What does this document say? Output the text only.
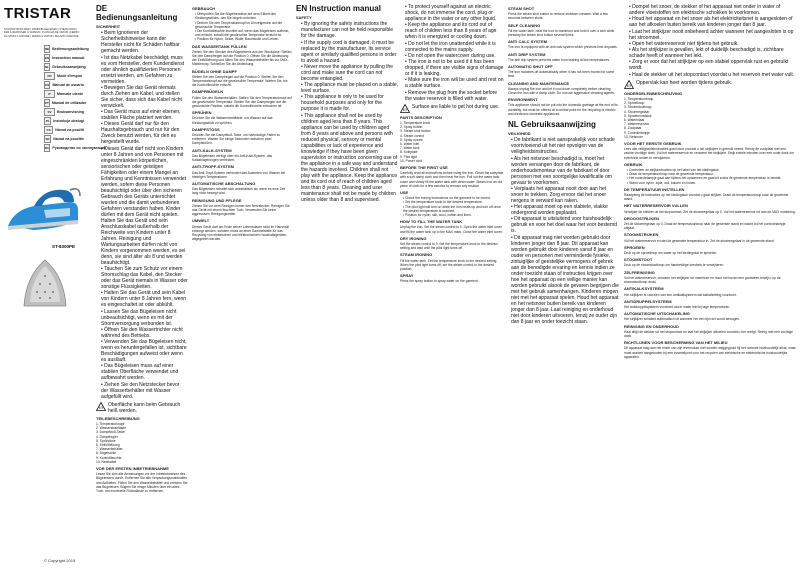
TRISTAR
STOOMSTRIJKIJZER | DAMPFBÜGELEISEN | STEAM IRON | FER À REPASSER À VAPEUR | PLANCHA DE VAPOR | FERRO DA STIRO A VAPORE | FERRO A VAPOR | ŻELAZKO PAROWE
DE Bedienungsanleitung
EN Instruction manual
NL Gebruiksaanwijzing
FR	Mode d'emploi
ES Manual de usuario
IT	Manuale utente
PT Manual de utilizador
SV	Bruksanvisning
PL	Instrukcja obsługi
CS	Návod na použití
SK Návod na použitie
RU Руководство по эксплуатации
ST-8300PE
© Copyright 2019
DE Bedienungsanleitung
SICHERHEIT
• Beim Ignorieren der Sicherheitshinweise kann der Hersteller nicht für Schäden haftbar gemacht werden.
• Ist das Netzkabel beschädigt, muss es vom Hersteller, dem Kundendienst oder ähnlich qualifizierten Personen ersetzt werden, um Gefahren zu vermeiden.
• Bewegen Sie das Gerät niemals durch Ziehen am Kabel, und stellen Sie sicher, dass sich das Kabel nicht verwickelt.
• Das Gerät muss auf einer ebenen, stabilen Fläche platziert werden.
• Dieses Gerät darf nur für den Haushaltsgebrauch und nur für den Zweck benutzt werden, für den es hergestellt wurde.
• Dieses Gerät darf nicht von Kindern unter 8 Jahren und von Personen mit eingeschränkten körperlichen, sensorischen oder geistigen Fähigkeiten oder einem Mangel an Erfahrung und Kenntnissen verwendet werden, sofern diese Personen beaufsichtigt oder über den sicheren Gebrauch des Geräts unterrichtet wurden und die damit verbundenen Gefahren verstanden haben. Kinder dürfen mit dem Gerät nicht spielen. Halten Sie das Gerät und sein Anschlusskabel außerhalb der Reichweite von Kindern unter 8 Jahren. Reinigung und Wartungsarbeiten dürfen nicht von Kindern vorgenommen werden, es sei denn, sie sind älter als 8 und werden beaufsichtigt.
• Tauchen Sie zum Schutz vor einem Stromschlag das Kabel, den Stecker oder das Gerät niemals in Wasser oder sonstige Flüssigkeiten.
• Halten Sie das Gerät und sein Kabel von Kindern unter 8 Jahren fern, wenn es eingeschaltet ist oder abkühlt.
• Lassen Sie das Bügeleisen nicht unbeaufsichtigt, wenn es mit der Stromversorgung verbunden ist.
• Öffnen Sie den Wassertrichter nicht während des Betriebs.
• Verwenden Sie das Bügeleisen nicht, wenn es heruntergefallen ist, sichtbare Beschädigungen aufweist oder wenn es ausläuft.
• Das Bügeleisen muss auf einer stabilen Oberfläche verwendet und aufbewahrt werden.
• Ziehen Sie den Netzstecker bevor der Wasserbehälter mit Wasser aufgefüllt wird.
Oberfläche kann beim Gebrauch heiß werden.
TEILEBESCHREIBUNG
1. Temperaturknopf
2. Wasserstrahltaste
3. Dampfstoß-Taste
4. Dampfregler
5. Sprühdüse
6. Einfüllöffnung
7. Wasserbehälter
8. Bügelsohle
9. Kontrollleuchte
10. Netzkabel
VOR DER ERSTEN INBETRIEBNAHME

Lesen Sie sich alle Anweisungen vor der Inbetriebnahme des Bügeleisens durch. Entfernen Sie alle Verpackungsmaterialien und Aufkleber. Füllen Sie den Wasserbehälter und erhitzen Sie das Bügeleisen. Bügeln Sie einige Minuten über ein altes Tuch, um eventuelle Rückstände zu entfernen.

GEBRAUCH
• Überprüfen Sie die Bügelhinweise auf dem Etikett des Kleidungsstücks, das Sie bügeln möchten.
• Drehen Sie den Temperaturknopf im Uhrzeigersinn auf die gewünschte Temperatur.
• Die Kontrollleuchte leuchtet auf, wenn das Bügeleisen aufheizt, und erlischt, sobald die gewünschte Temperatur erreicht ist.
• Position für Nylon, Seide, Wolle, Baumwolle und Leinen.
DAS WASSERTANK FÜLLEN

Ziehen Sie den Stecker des Bügeleisens aus der Steckdose. Stellen Sie den Dampfregler auf die Position 0. Öffnen Sie die Abdeckung der Einfüllöffnung und füllen Sie den Wasserbehälter bis zur MAX-Markierung. Schließen Sie die Abdeckung.

BÜGELN OHNE DAMPF

Stellen Sie den Dampfregler auf die Position 0. Stellen Sie den Temperaturknopf auf die gewünschte Temperatur. Warten Sie, bis die Kontrollleuchte erlischt.

DAMPFBÜGELN

Füllen Sie den Wasserbehälter. Stellen Sie den Temperaturknopf auf die gewünschte Temperatur. Stellen Sie den Dampfregler auf die gewünschte Position, sobald die Kontrollleuchte erloschen ist.

SPRÜHEN

Drücken Sie die Wasserstrahltaste, um Wasser auf das Kleidungsstück zu sprühen.

DAMPFSTOSS

Drücken Sie die Dampfstoß-Taste, um hartnäckige Falten zu entfernen. Warten Sie einige Sekunden zwischen zwei Dampfstößen.

ANTI-KALK-SYSTEM

Das Bügeleisen verfügt über ein Anti-Kalk-System, das Kalkablagerungen verhindert.

ANTI-TROPF-SYSTEM

Das Anti-Tropf-System verhindert das Austreten von Wasser bei niedrigen Temperaturen.

AUTOMATISCHE ABSCHALTUNG

Das Bügeleisen schaltet sich automatisch ab, wenn es eine Zeit lang nicht bewegt wird.

REINIGUNG UND PFLEGE

Ziehen Sie vor dem Reinigen immer den Netzstecker. Reinigen Sie das Gerät mit einem feuchten Tuch. Verwenden Sie keine aggressiven Reinigungsmittel.

UMWELT

Dieses Gerät darf am Ende seiner Lebensdauer nicht im Hausmüll entsorgt werden, sondern muss an einer Sammelstelle für das Recycling von elektrischen und elektronischen Haushaltsgeräten abgegeben werden.

EN Instruction manual
SAFETY
• By ignoring the safety instructions the manufacturer can not be held responsible for the damage.
• If the supply cord is damaged, it must be replaced by the manufacturer, its service agent or similarly qualified persons in order to avoid a hazard.
• Never move the appliance by pulling the cord and make sure the cord can not become entangled.
• The appliance must be placed on a stable, level surface.
• This appliance is only to be used for household purposes and only for the purpose it is made for.
• This appliance shall not be used by children aged less than 8 years. This appliance can be used by children aged from 8 years and above and persons with reduced physical, sensory or mental capabilities or lack of experience and knowledge if they have been given supervision or instruction concerning use of the appliance in a safe way and understand the hazards involved. Children shall not play with the appliance. Keep the appliance and its cord out of reach of children aged less than 8 years. Cleaning and user maintenance shall not be made by children unless older than 8 and supervised.
• To protect yourself against an electric shock, do not immerse the cord, plug or appliance in the water or any other liquid.
• Keep the appliance and its cord out of reach of children less than 8 years of age when it is energized or cooling down.
• Do not let the iron unattended while it is connected to the mains supply.
• Do not open the watercover during use.
• The iron is not to be used if it has been dropped, if there are visible signs of damage or if it is leaking.
• Make sure the iron will be used and rest on a stable surface.
• Remove the plug from the socket before the water reservoir is filled with water.
Surface are liable to get hot during use.
PARTS DESCRIPTION
1. Temperature knob
2. Spray button
3. Steam shot button
4. Steam control
5. Spray nozzle
6. Water inlet
7. Water tank
8. Soleplate
9. Pilot light
10. Power cord
BEFORE THE FIRST USE

Carefully read all instructions before using the iron. Clean the soleplate with a soft damp cloth and then heat the iron. Pull out the water tank cover and slowly fill the water tank with clean water. Steam iron an old piece of cloth for a few minutes to remove any residue.

USE
• Check the ironing instructions on the garment to be ironed.
• Set the temperature knob to the desired temperature.
• The pilot light will turn on while the iron heats up and turn off once the desired temperature is reached.
• Position for nylon, silk, wool, cotton and linen.
HOW TO FILL THE WATER TANK

Unplug the iron. Set the steam control to 0. Open the water inlet cover and fill the water tank up to the MAX mark. Close the water inlet cover.

DRY IRONING

Set the steam control to 0. Set the temperature knob to the desired setting and wait until the pilot light turns off.

STEAM IRONING

Fill the water tank. Set the temperature knob to the desired setting. When the pilot light turns off, set the steam control to the desired position.

SPRAY

Press the spray button to spray water on the garment.

STEAM SHOT

Press the steam shot button to remove stubborn creases. Wait a few seconds between shots.

SELF CLEANING

Fill the water tank, heat the iron to maximum and hold it over a sink while pressing the steam shot button several times.

ANTI CALC SYSTEM

The iron is equipped with an anti calc system which prevents lime deposits.

ANTI DRIP SYSTEM

The anti drip system prevents water from leaking at low temperatures.

AUTOMATIC SHUT OFF

The iron switches off automatically when it has not been moved for some time.

CLEANING AND MAINTENANCE

Always unplug the iron and let it cool down completely before cleaning. Clean the iron with a damp cloth. Do not use aggressive cleaning agents.

ENVIRONMENT

This appliance should not be put into the domestic garbage at the end of its durability, but must be offered at a central point for the recycling of electric and electronic domestic appliances.

NL Gebruiksaanwijzing
VEILIGHEID
• De fabrikant is niet aansprakelijk voor schade voortvloeiend uit het niet opvolgen van de veiligheidsinstructies.
• Als het netsnoer beschadigd is, moet het worden vervangen door de fabrikant, de onderhoudsmonteur van de fabrikant of door personen met een soortgelijke kwalificatie om gevaar te voorkomen.
• Verplaats het apparaat nooit door aan het snoer te trekken. Zorg ervoor dat het snoer nergens in verward kan raken.
• Het apparaat moet op een stabiele, vlakke ondergrond worden geplaatst.
• Dit apparaat is uitsluitend voor huishoudelijk gebruik en voor het doel waar het voor bestemd is.
• Dit apparaat mag niet worden gebruikt door kinderen jonger dan 8 jaar. Dit apparaat kan worden gebruikt door kinderen vanaf 8 jaar en ouder en personen met verminderde fysieke, zintuiglijke of geestelijke vermogens of gebrek aan de benodigde ervaring en kennis indien ze onder toezicht staan of instructies krijgen over hoe het apparaat op een veilige manier kan worden gebruikt alsook de gevaren begrijpen die met het gebruik samenhangen. Kinderen mogen niet met het apparaat spelen. Houd het apparaat en het netsnoer buiten bereik van kinderen jonger dan 8 jaar. Laat reiniging en onderhoud niet door kinderen uitvoeren, tenzij ze ouder zijn dan 8 jaar en onder toezicht staan.
• Dompel het snoer, de stekker of het apparaat niet onder in water of andere vloeistoffen om elektrische schokken te voorkomen.
• Houd het apparaat en het snoer als het elektriciteitsnet is aangesloten of aan het afkoelen buiten bereik van kinderen jonger dan 8 jaar.
• Laat het strijkijzer nooit onbeheerd achter wanneer het aangesloten is op het stroomnet.
• Open het waterreservoir niet tijdens het gebruik.
• Als het strijkijzer is gevallen, lekt of duidelijk beschadigd is, zichtbare schade heeft of wanneer het lekt.
• Zorg er voor dat het strijkijzer op een stabiel oppervlak rust en gebruikt wordt.
• Haal de stekker uit het stopcontact voordat u het reservoir met water vult.
Oppervlak kan heet worden tijdens gebruik.
ONDERDELENBESCHRIJVING
1. Temperatuurknop
2. Sproeiknop
3. Stoomstootknop
4. Stoomregelaar
5. Sproeimondstuk
6. Waterinlaat
7. Waterreservoir
8. Zoolplaat
9. Controlelampje
10. Netsnoer
VOOR HET EERSTE GEBRUIK

Lees alle veiligheidsinstructies goed door voordat u het strijkijzer in gebruik neemt. Reinig de zoolplaat met een zachte vochtige doek. Vul het waterreservoir en verwarm het strijkijzer. Strijk enkele minuten over een oude doek om eventuele resten te verwijderen.

GEBRUIK
• Controleer de strijkinstructies op het label van het kledingstuk.
• Draai de temperatuurknop naar de gewenste temperatuur.
• Het controlelampje gaat aan tijdens het opwarmen en gaat uit zodra de gewenste temperatuur is bereikt.
• Stand voor nylon, zijde, wol, katoen en linnen.
DE TEMPERATUUR INSTELLEN

Raadpleeg de instructies op het kledingstuk voordat u gaat strijken. Draai de temperatuurknop naar de gewenste stand.

HET WATERRESERVOIR VULLEN

Verwijder de stekker uit het stopcontact. Zet de stoomregelaar op 0. Vul het waterreservoir tot aan de MAX markering.

DROOGSTRIJKEN

Zet de stoomregelaar op 0. Draai de temperatuurknop naar de gewenste stand en wacht tot het controlelampje uitgaat.

STOOMSTRIJKEN

Vul het waterreservoir en stel de gewenste temperatuur in. Zet de stoomregelaar in de gewenste stand.

SPROEIEN

Druk op de sproeiknop om water op het kledingstuk te sproeien.

STOOMSTOOT

Druk op de stoomstootknop om hardnekkige kreukels te verwijderen.

ZELFREINIGING

Vul het waterreservoir, verwarm het strijkijzer tot maximum en houd het boven een gootsteen terwijl u op de stoomstootknop drukt.

ANTIKALKSYSTEEM

Het strijkijzer is voorzien van een antikalksysteem dat kalkafzetting voorkomt.

ANTIDRUPPELSYSTEEM

Het antidruppelsysteem voorkomt dat er water lekt bij lage temperaturen.

AUTOMATISCHE UITSCHAKELING

Het strijkijzer schakelt automatisch uit wanneer het een tijd niet wordt bewogen.

REINIGING EN ONDERHOUD

Haal altijd de stekker uit het stopcontact en laat het strijkijzer afkoelen voordat u het reinigt. Reinig met een vochtige doek.

RICHTLIJNEN VOOR BESCHERMING VAN HET MILIEU

Dit apparaat mag aan het einde van zijn levensduur niet worden weggegooid bij het normale huishoudelijk afval, maar moet worden aangeboden bij een inzamelpunt voor het recyclen van elektrische en elektronische huishoudelijke apparaten.
